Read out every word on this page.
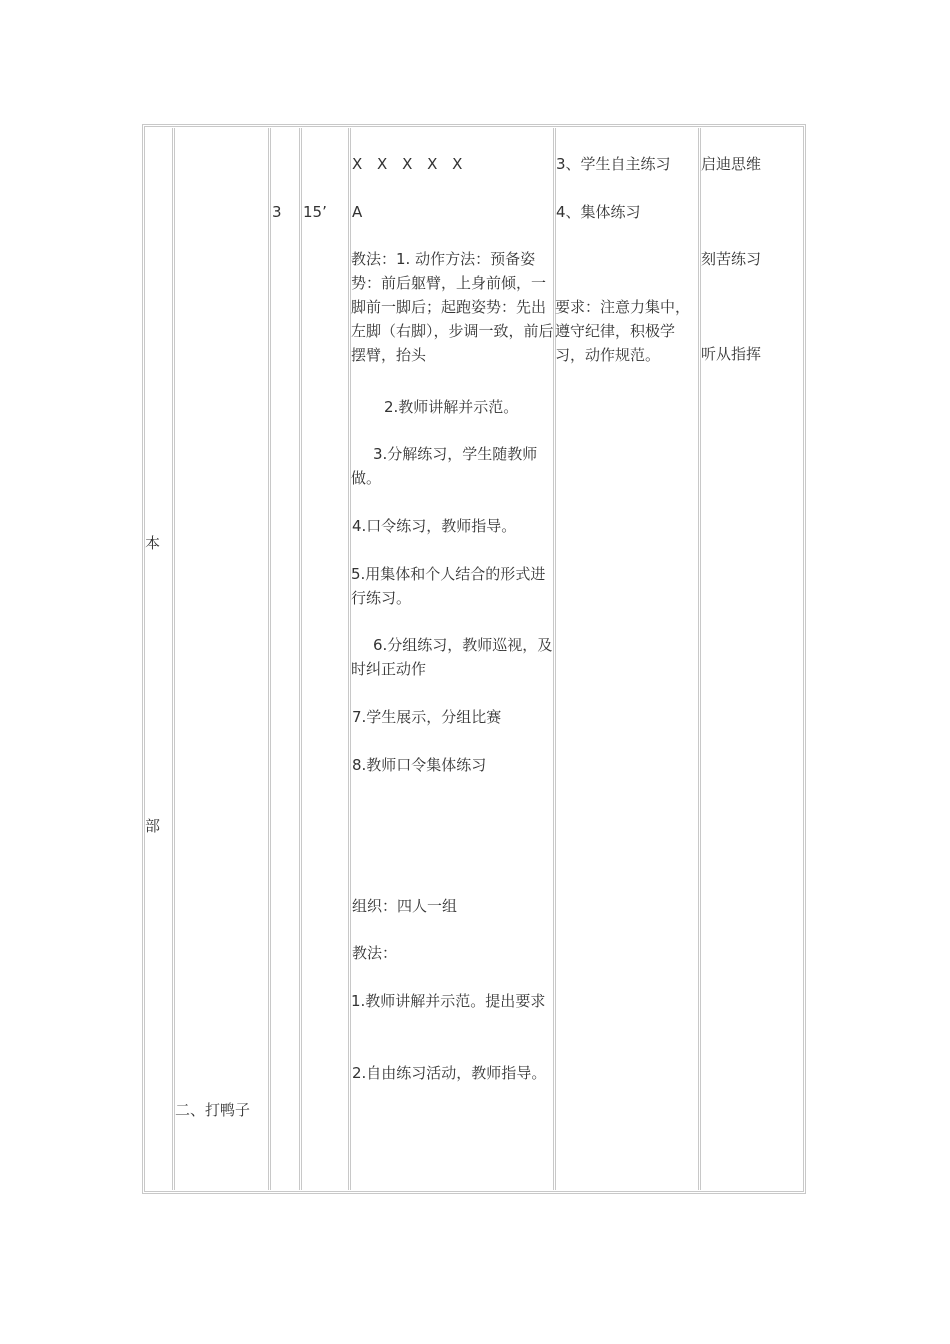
本
部
二、打鸭子
3 15’
X X X X X
A
教法：1. 动作方法：预备姿势：前后躯臂，上身前倾，一脚前一脚后；起跑姿势：先出左脚（右脚），步调一致，前后摆臂，抬头
2.教师讲解并示范。
3.分解练习，学生随教师做。
4.口令练习，教师指导。
5.用集体和个人结合的形式进行练习。
6.分组练习，教师巡视，及时纠正动作
7.学生展示，分组比赛
8.教师口令集体练习
组织：四人一组
教法：
1.教师讲解并示范。提出要求
2.自由练习活动，教师指导。
3、学生自主练习
4、集体练习
要求：注意力集中，遵守纪律，积极学习，动作规范。
启迪思维
刻苦练习
听从指挥
